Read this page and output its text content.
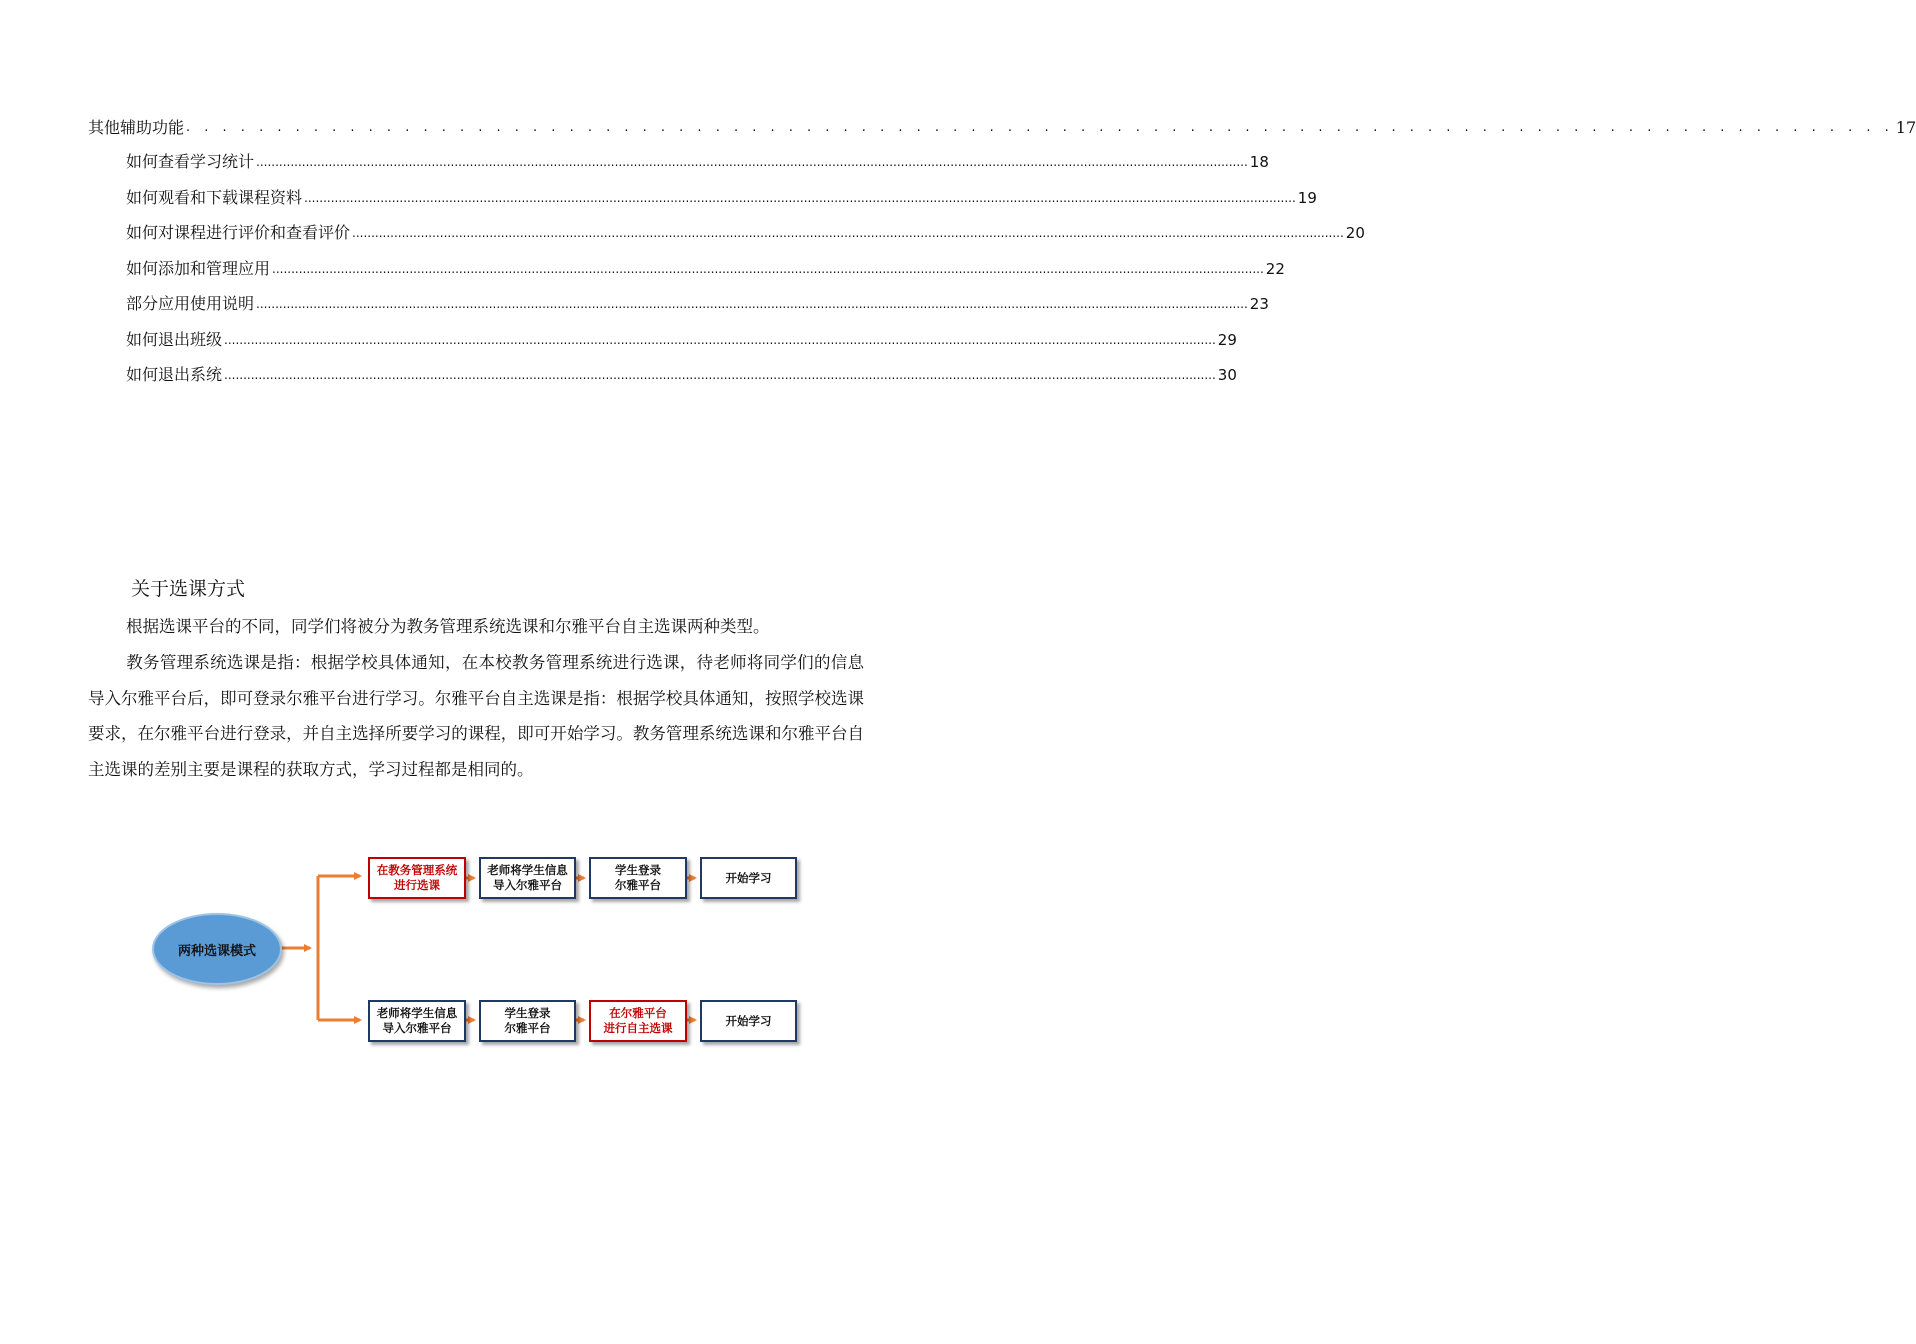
其他辅助功能 . . . . . . . . . . . . . . . . . . . . . . . . . . . . . . . . . . . . . . . . . . . . . . . . . . . . . . . . . . . . . . . . . . . . . . . . . . . . . . . . . . . . . . . . . . . . . . 17
如何查看学习统计 .................................................................................................................................................................................................................................................................... 18
如何观看和下载课程资料 .................................................................................................................................................................................................................................................................... 19
如何对课程进行评价和查看评价 .................................................................................................................................................................................................................................................................... 20
如何添加和管理应用 .................................................................................................................................................................................................................................................................... 22
部分应用使用说明 .................................................................................................................................................................................................................................................................... 23
如何退出班级 .................................................................................................................................................................................................................................................................... 29
如何退出系统 .................................................................................................................................................................................................................................................................... 30
关于选课方式
根据选课平台的不同，同学们将被分为教务管理系统选课和尔雅平台自主选课两种类型。
教务管理系统选课是指：根据学校具体通知，在本校教务管理系统进行选课，待老师将同学们的信息导入尔雅平台后，即可登录尔雅平台进行学习。尔雅平台自主选课是指：根据学校具体通知，按照学校选课要求，在尔雅平台进行登录，并自主选择所要学习的课程，即可开始学习。教务管理系统选课和尔雅平台自主选课的差别主要是课程的获取方式，学习过程都是相同的。
两种选课模式
在教务管理系统
进行选课
老师将学生信息
导入尔雅平台
学生登录
尔雅平台
开始学习
老师将学生信息
导入尔雅平台
学生登录
尔雅平台
在尔雅平台
进行自主选课
开始学习
